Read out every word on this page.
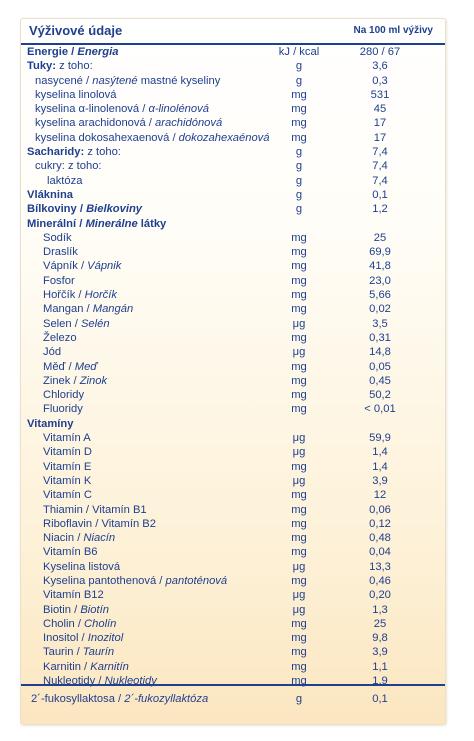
Výživové údaje	Na 100 ml výživy
Energie / Energia	kJ / kcal	280 / 67
Tuky: z toho:	g	3,6
nasycené / nasýtené mastné kyseliny	g	0,3
kyselina linolová	mg	531
kyselina α-linolenová / α-linolénová	mg	45
kyselina arachidonová / arachidónová	mg	17
kyselina dokosahexaenová / dokozahexaénová	mg	17
Sacharidy: z toho:	g	7,4
cukry: z toho:	g	7,4
laktóza	g	7,4
Vláknina	g	0,1
Bílkoviny / Bielkoviny	g	1,2
Minerální / Minerálne látky
Sodík	mg	25
Draslík	mg	69,9
Vápník / Vápnik	mg	41,8
Fosfor	mg	23,0
Hořčík / Horčík	mg	5,66
Mangan / Mangán	mg	0,02
Selen / Selén	μg	3,5
Železo	mg	0,31
Jód	μg	14,8
Měď / Meď	mg	0,05
Zinek / Zinok	mg	0,45
Chloridy	mg	50,2
Fluoridy	mg	< 0,01
Vitamíny
Vitamín A	μg	59,9
Vitamín D	μg	1,4
Vitamín E	mg	1,4
Vitamín K	μg	3,9
Vitamín C	mg	12
Thiamin / Vitamín B1	mg	0,06
Riboflavin / Vitamín B2	mg	0,12
Niacin / Niacín	mg	0,48
Vitamín B6	mg	0,04
Kyselina listová	μg	13,3
Kyselina pantothenová / pantoténová	mg	0,46
Vitamín B12	μg	0,20
Biotin / Biotín	μg	1,3
Cholin / Cholín	mg	25
Inositol / Inozitol	mg	9,8
Taurin / Taurín	mg	3,9
Karnitin / Karnitín	mg	1,1
Nukleotidy / Nukleotidy	mg	1,9
2´-fukosyllaktosa / 2´-fukozyllaktóza	g	0,1
